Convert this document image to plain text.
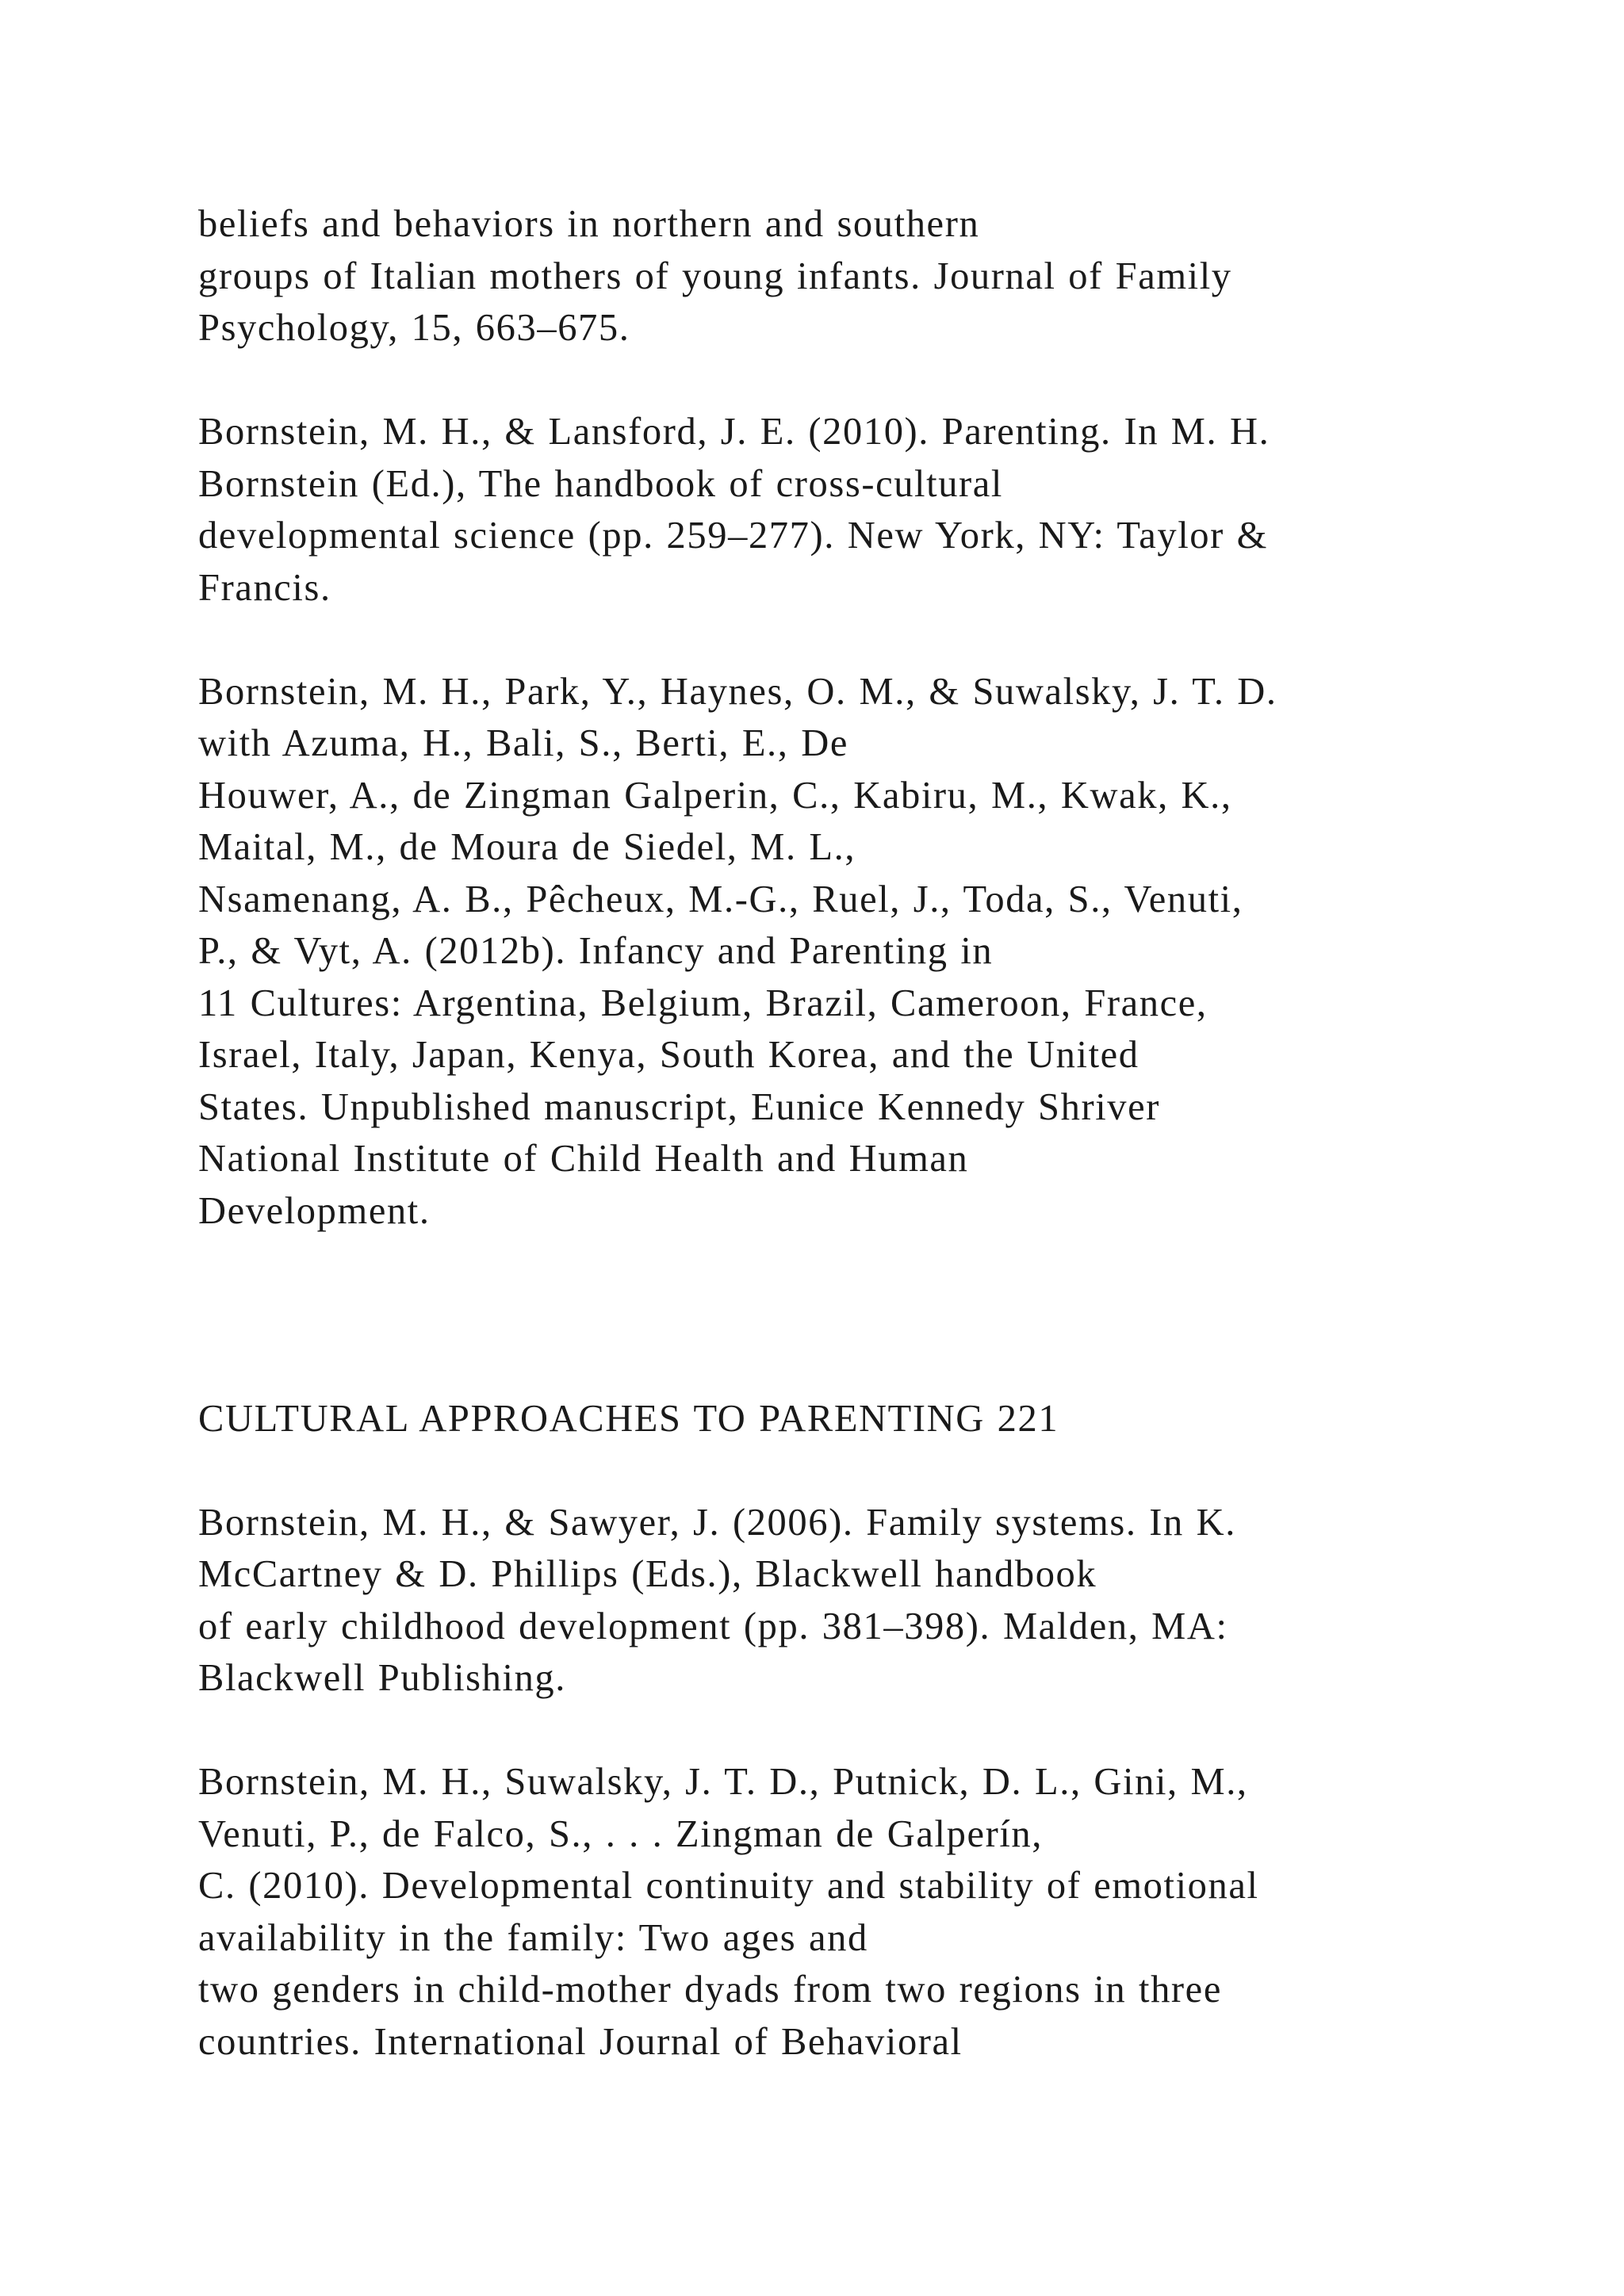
beliefs and behaviors in northern and southern
groups of Italian mothers of young infants. Journal of Family
Psychology, 15, 663–675.
Bornstein, M. H., & Lansford, J. E. (2010). Parenting. In M. H.
Bornstein (Ed.), The handbook of cross-cultural
developmental science (pp. 259–277). New York, NY: Taylor &
Francis.
Bornstein, M. H., Park, Y., Haynes, O. M., & Suwalsky, J. T. D.
with Azuma, H., Bali, S., Berti, E., De
Houwer, A., de Zingman Galperin, C., Kabiru, M., Kwak, K.,
Maital, M., de Moura de Siedel, M. L.,
Nsamenang, A. B., Pêcheux, M.-G., Ruel, J., Toda, S., Venuti,
P., & Vyt, A. (2012b). Infancy and Parenting in
11 Cultures: Argentina, Belgium, Brazil, Cameroon, France,
Israel, Italy, Japan, Kenya, South Korea, and the United
States. Unpublished manuscript, Eunice Kennedy Shriver
National Institute of Child Health and Human
Development.
CULTURAL APPROACHES TO PARENTING 221
Bornstein, M. H., & Sawyer, J. (2006). Family systems. In K.
McCartney & D. Phillips (Eds.), Blackwell handbook
of early childhood development (pp. 381–398). Malden, MA:
Blackwell Publishing.
Bornstein, M. H., Suwalsky, J. T. D., Putnick, D. L., Gini, M.,
Venuti, P., de Falco, S., . . . Zingman de Galperín,
C. (2010). Developmental continuity and stability of emotional
availability in the family: Two ages and
two genders in child-mother dyads from two regions in three
countries. International Journal of Behavioral
